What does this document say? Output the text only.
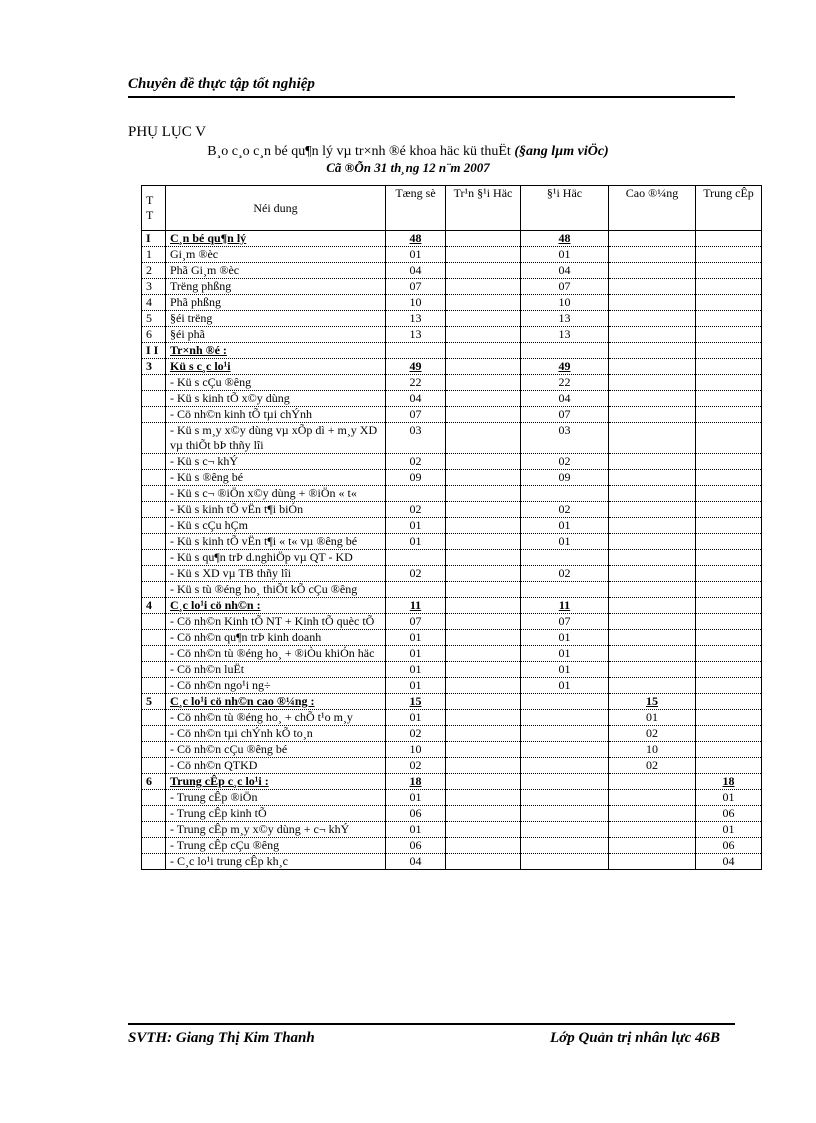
Chuyên đề thực tập tốt nghiệp
PHỤ LỤC V
B¸o c¸o c¸n bé qu¶n lý vµ tr×nh ®é khoa häc kü thuËt (§ang lµm viÖc)
Cã ®Õn 31 th¸ng 12 n¨m 2007
T T	Néi dung	Tæng sè	Tr¹n §¹i Häc	§¹i Häc	Cao ®¼ng	Trung cÊp
I	C¸n bé qu¶n lý	48		48		
1	Gi¸m ®èc	01		01		
2	Phã Gi¸m ®èc	04		04		
3	Trëng phßng	07		07		
4	Phã phßng	10		10		
5	§éi trëng	13		13		
6	§éi phã	13		13		
I I	Tr×nh ®é :					
3	Kü s c¸c lo¹i	49		49		
	- Kü s cÇu ®êng	22		22		
	- Kü s kinh tÕ x©y dùng	04		04		
	- Cö nh©n kinh tÕ tµi chÝnh	07		07		
	- Kü s m¸y x©y dùng vµ xÕp dì + m¸y XD vµ thiÕt bÞ thñy lîi	03		03		
	- Kü s c¬ khÝ	02		02		
	- Kü s ®êng bé	09		09		
	- Kü s c¬ ®iÖn x©y dùng + ®iÖn « t«					
	- Kü s kinh tÕ vËn t¶i biÓn	02		02		
	- Kü s cÇu hÇm	01		01		
	- Kü s kinh tÕ vËn t¶i « t« vµ ®êng bé	01		01		
	- Kü s qu¶n trÞ d.nghiÖp vµ QT - KD					
	- Kü s XD vµ TB thñy lîi	02		02		
	- Kü s tù ®éng ho¸ thiÕt kÕ cÇu ®êng					
4	C¸c lo¹i cö nh©n :	11		11		
	- Cö nh©n Kinh tÕ NT + Kinh tÕ quèc tÕ	07		07		
	- Cö nh©n qu¶n trÞ kinh doanh	01		01		
	- Cö nh©n tù ®éng ho¸ + ®iÒu khiÓn häc	01		01		
	- Cö nh©n luËt	01		01		
	- Cö nh©n ngo¹i ng÷	01		01		
5	C¸c lo¹i cö nh©n cao ®¼ng :	15			15	
	- Cö nh©n tù ®éng ho¸ + chÕ t¹o m¸y	01			01	
	- Cö nh©n tµi chÝnh kÕ to¸n	02			02	
	- Cö nh©n cÇu ®êng bé	10			10	
	- Cö nh©n QTKD	02			02	
6	Trung cÊp c¸c lo¹i :	18				18
	- Trung cÊp ®iÖn	01				01
	- Trung cÊp kinh tÕ	06				06
	- Trung cÊp m¸y x©y dùng + c¬ khÝ	01				01
	- Trung cÊp cÇu ®êng	06				06
	- C¸c lo¹i trung cÊp kh¸c	04				04
SVTH: Giang Thị Kim Thanh	Lớp Quản trị nhân lực 46B
